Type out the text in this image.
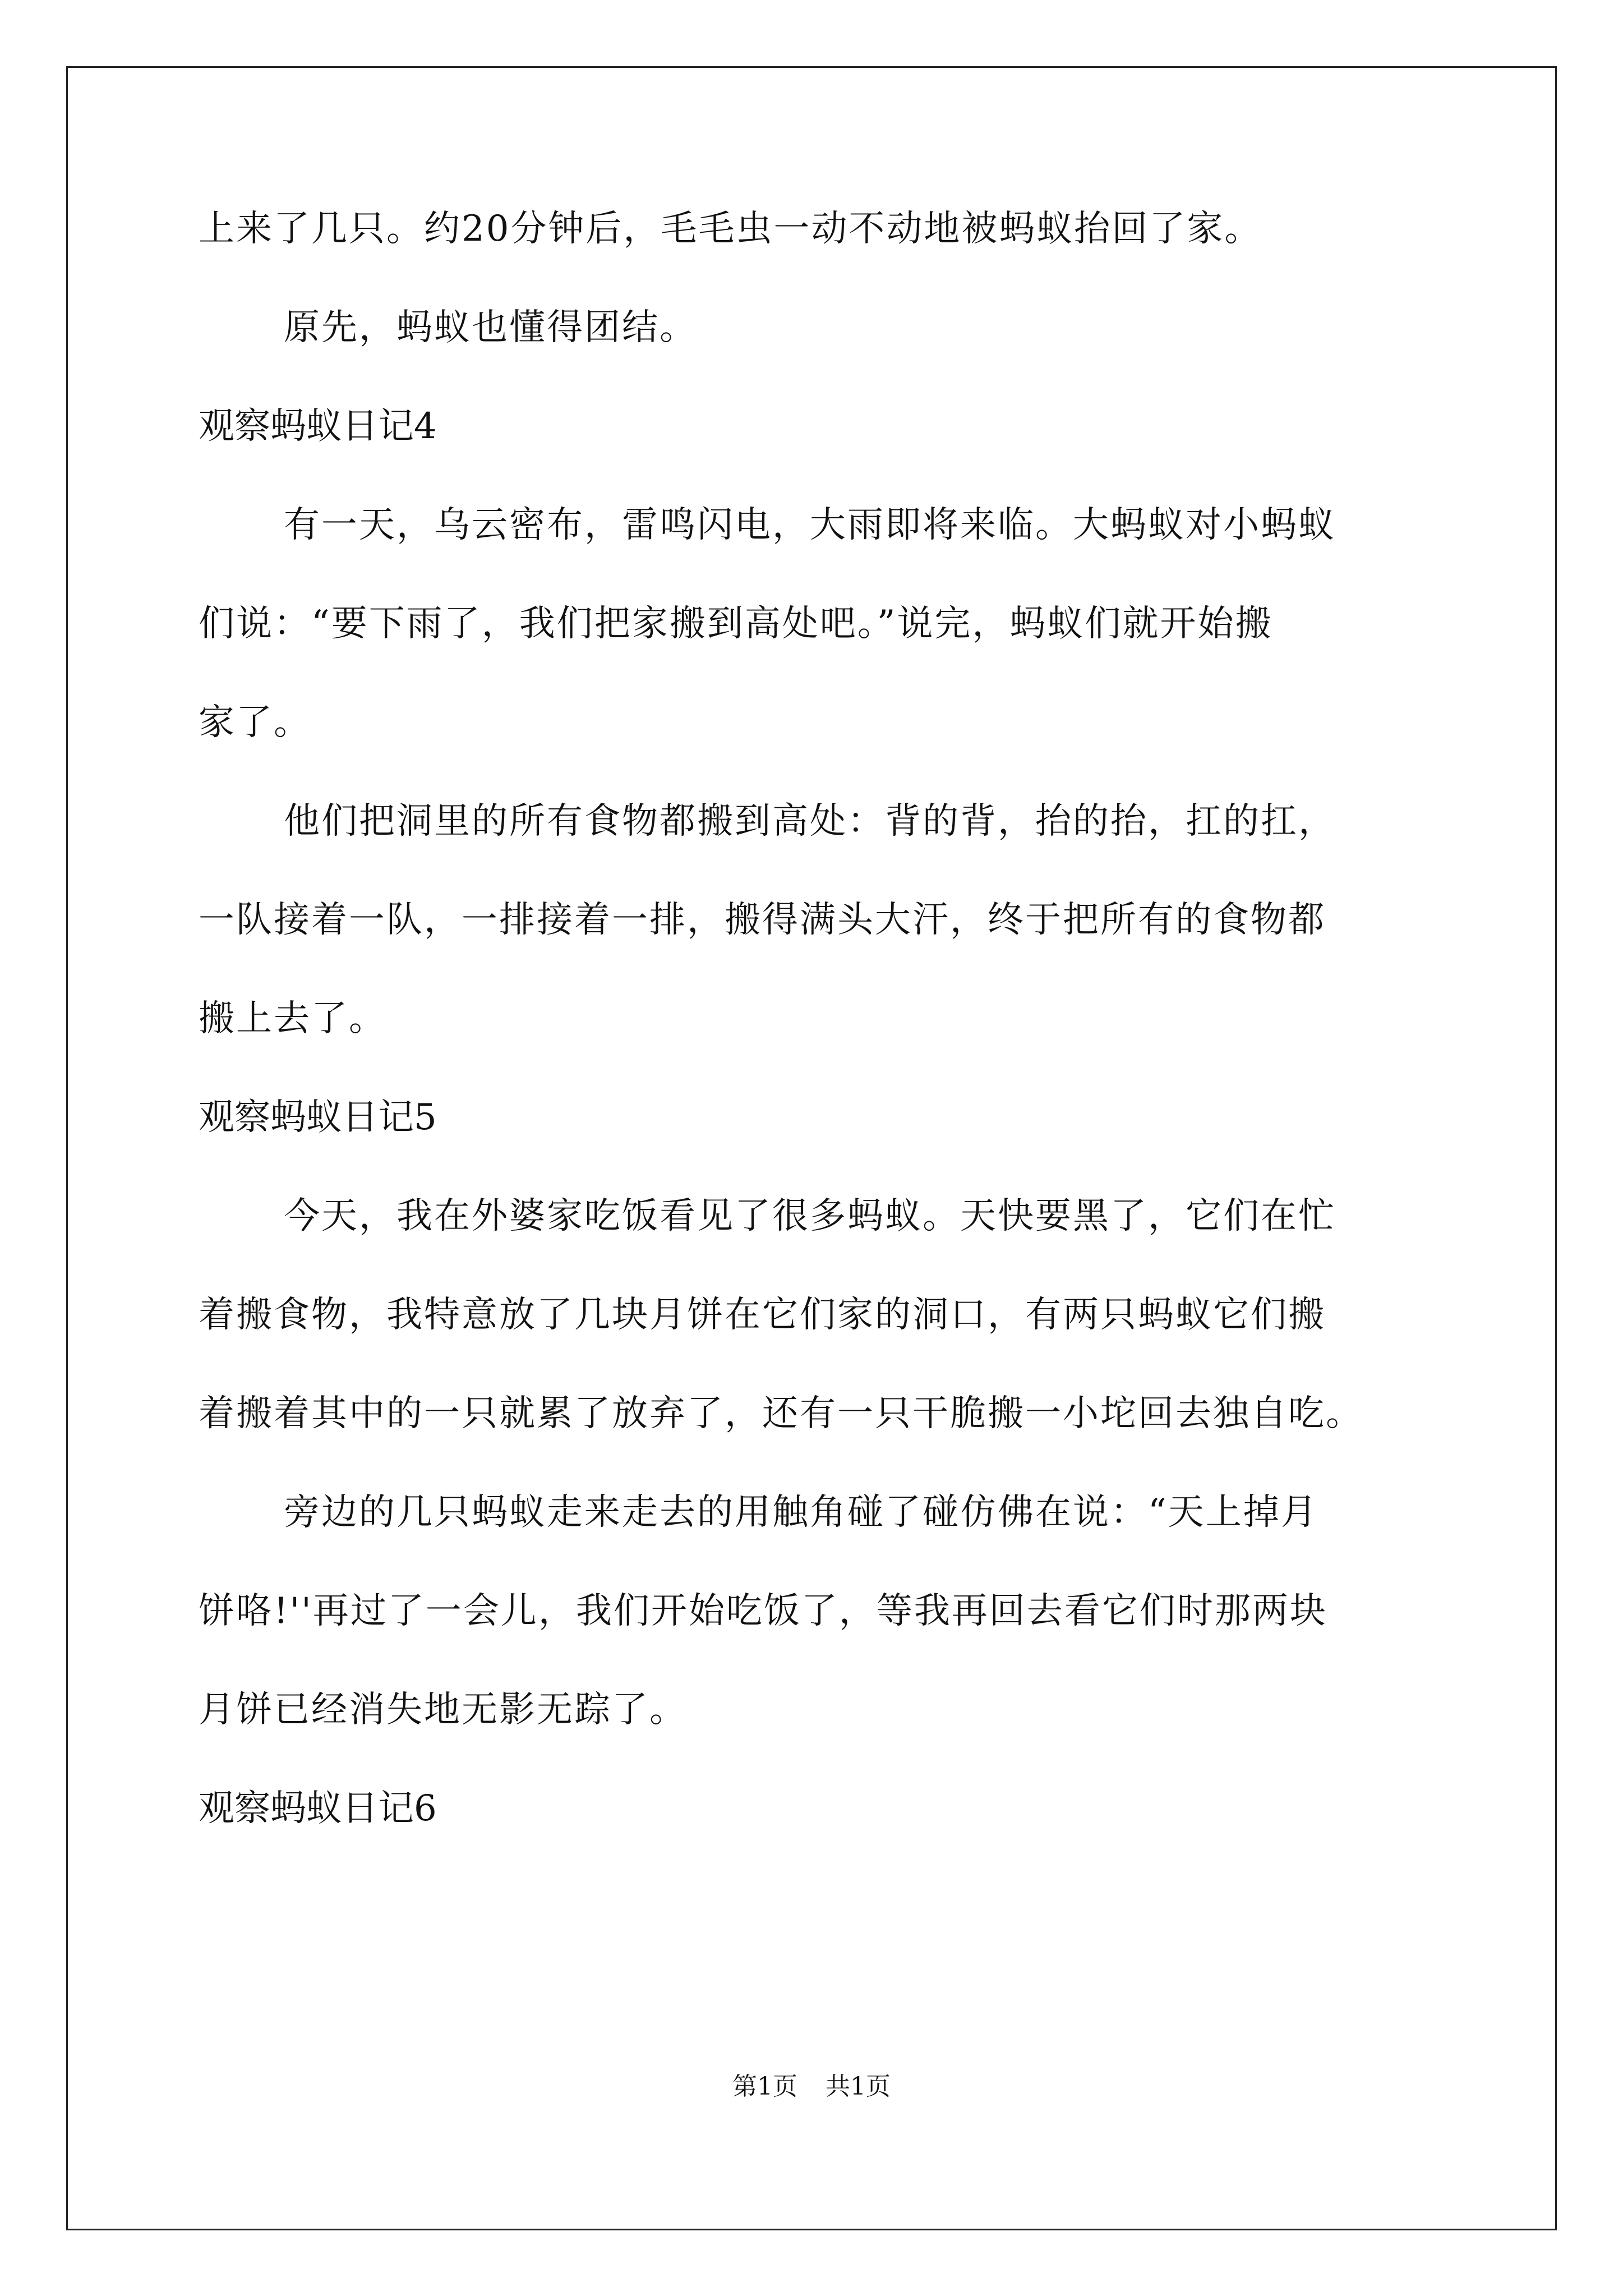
上来了几只。约20分钟后，毛毛虫一动不动地被蚂蚁抬回了家。
原先，蚂蚁也懂得团结。
观察蚂蚁日记4
有一天，乌云密布，雷鸣闪电，大雨即将来临。大蚂蚁对小蚂蚁
们说：“要下雨了，我们把家搬到高处吧。”说完，蚂蚁们就开始搬
家了。
他们把洞里的所有食物都搬到高处：背的背，抬的抬，扛的扛，
一队接着一队，一排接着一排，搬得满头大汗，终于把所有的食物都
搬上去了。
观察蚂蚁日记5
今天，我在外婆家吃饭看见了很多蚂蚁。天快要黑了，它们在忙
着搬食物，我特意放了几块月饼在它们家的洞口，有两只蚂蚁它们搬
着搬着其中的一只就累了放弃了，还有一只干脆搬一小坨回去独自吃。
旁边的几只蚂蚁走来走去的用触角碰了碰仿佛在说：“天上掉月
饼咯!''再过了一会儿，我们开始吃饭了，等我再回去看它们时那两块
月饼已经消失地无影无踪了。
观察蚂蚁日记6
第1页 共1页
